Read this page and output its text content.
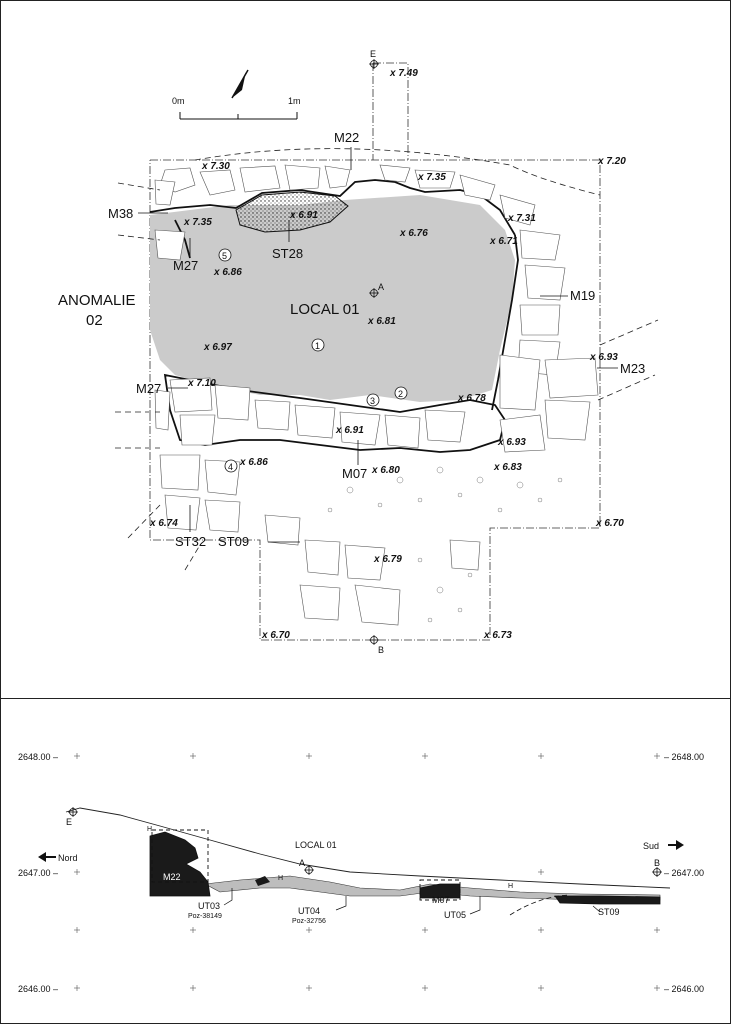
0m	1m
E
A
B
M22
M38
M27
M19
M23
M27
M07
ST28
ST32 ST09
LOCAL 01
ANOMALIE
02
1
2
3
4
5
x 7.49
x 7.30
x 7.35
x 7.20
x 7.35
x 6.91	x 7.31
x 6.76
x 6.71
x 6.86
x 6.81
x 6.97
x 6.93
x 7.10
x 6.78
x 6.91
x 6.93
x 6.86
x 6.80	x 6.83
x 6.74	x 6.70
x 6.79
x 6.70	x 6.73
E
A	B
2648.00 –
2647.00 –
2646.00 –
– 2648.00
– 2647.00
– 2646.00
Nord
Sud
LOCAL 01
H
H
H
M22
M07
ST09
UT03
Poz-38149
UT04
Poz-32756
UT05
